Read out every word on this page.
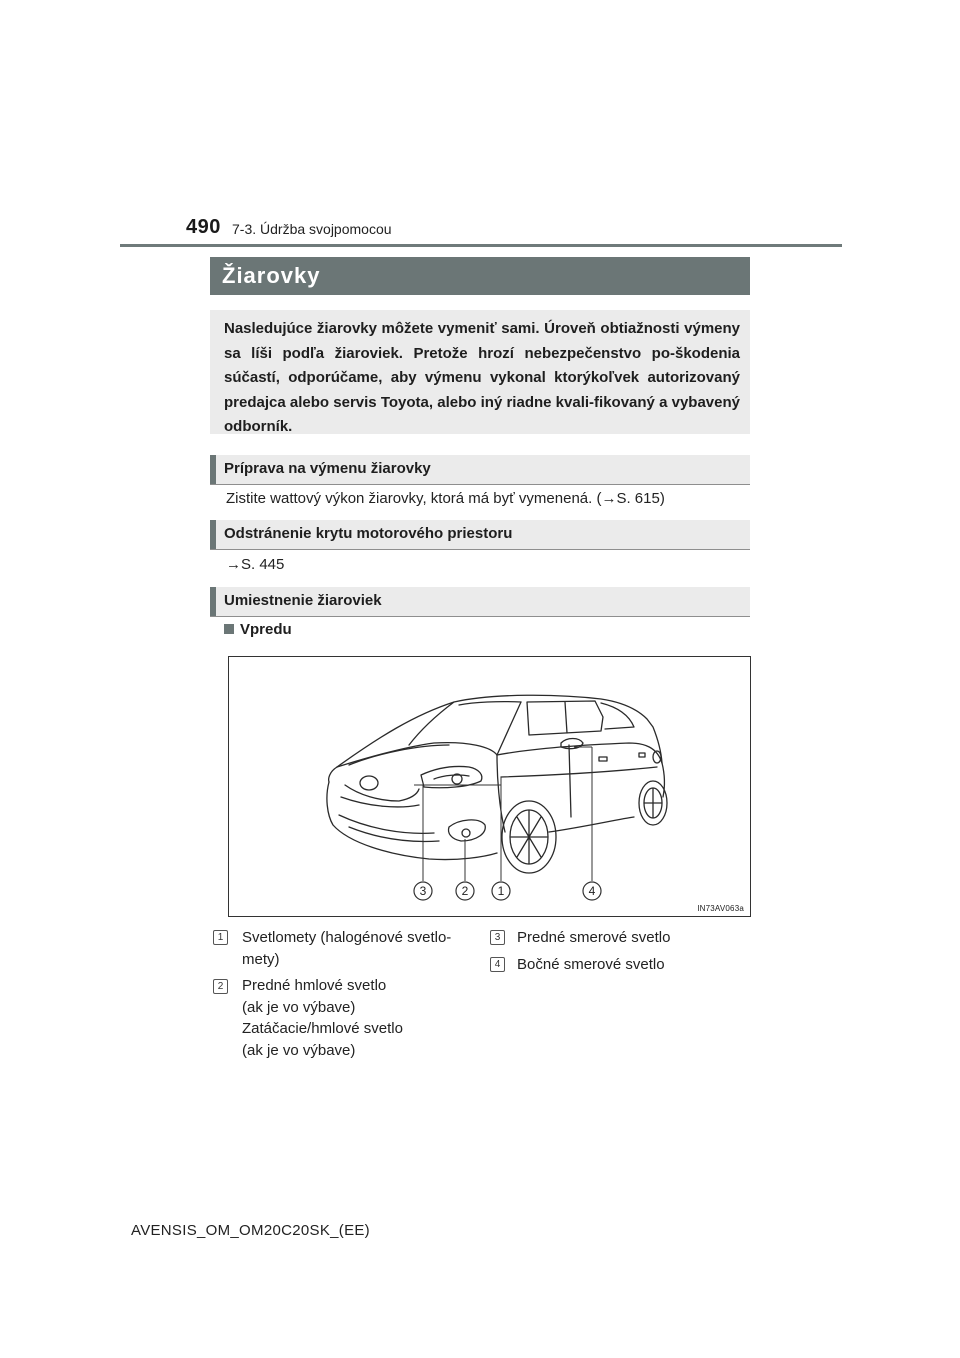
490 7-3. Údržba svojpomocou
Žiarovky
Nasledujúce žiarovky môžete vymeniť sami. Úroveň obtiažnosti výmeny sa líši podľa žiaroviek. Pretože hrozí nebezpečenstvo po-škodenia súčastí, odporúčame, aby výmenu vykonal ktorýkoľvek autorizovaný predajca alebo servis Toyota, alebo iný riadne kvali-fikovaný a vybavený odborník.
Príprava na výmenu žiarovky
Zistite wattový výkon žiarovky, ktorá má byť vymenená. (→S. 615)
Odstránenie krytu motorového priestoru
→S. 445
Umiestnenie žiaroviek
Vpredu
3	2 1	4
IN73AV063a
1	Svetlomety (halogénové svetlo-
mety)
2	Predné hmlové svetlo
(ak je vo výbave)
Zatáčacie/hmlové svetlo
(ak je vo výbave)
3	Predné smerové svetlo
4	Bočné smerové svetlo
AVENSIS_OM_OM20C20SK_(EE)
